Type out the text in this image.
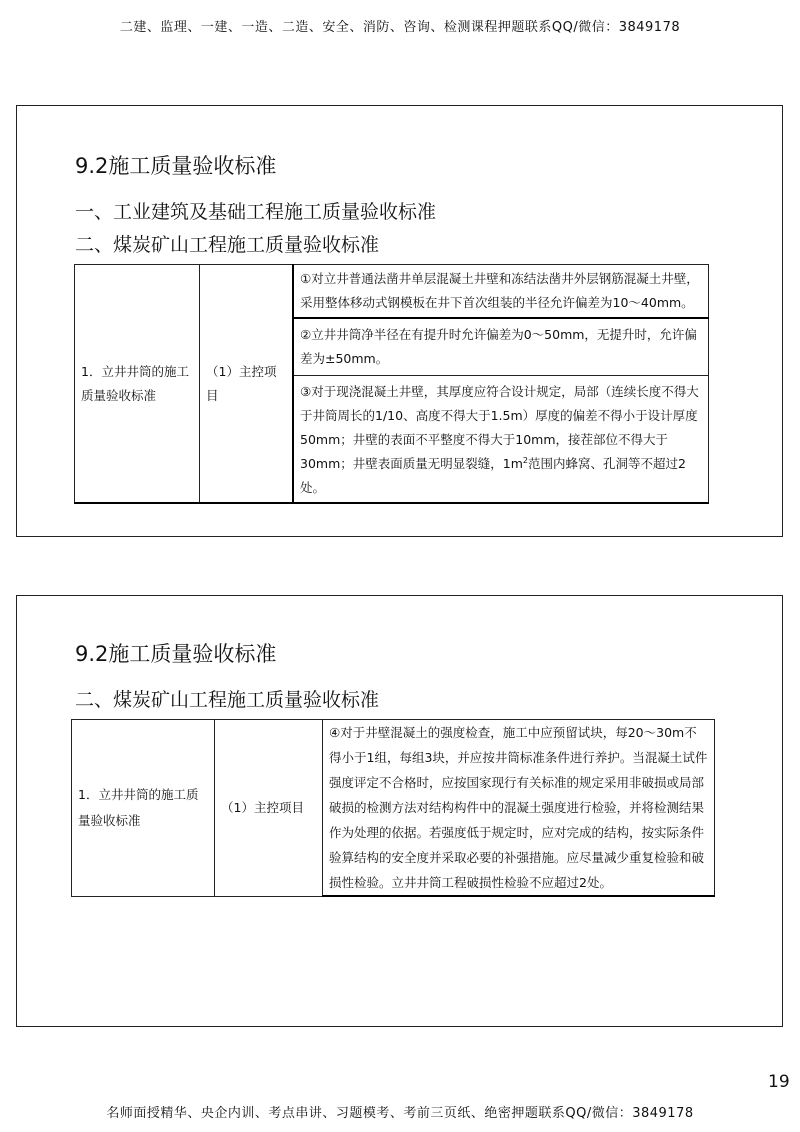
二建、监理、一建、一造、二造、安全、消防、咨询、检测课程押题联系QQ/微信：3849178
9.2施工质量验收标准
一、工业建筑及基础工程施工质量验收标准
二、煤炭矿山工程施工质量验收标准
1．立井井筒的施工质量验收标准	（1）主控项目	①对立井普通法凿井单层混凝土井壁和冻结法凿井外层钢筋混凝土井壁，采用整体移动式钢模板在井下首次组装的半径允许偏差为10～40mm。
②立井井筒净半径在有提升时允许偏差为0～50mm，无提升时，允许偏差为±50mm。
③对于现浇混凝土井壁，其厚度应符合设计规定，局部（连续长度不得大于井筒周长的1/10、高度不得大于1.5m）厚度的偏差不得小于设计厚度50mm；井壁的表面不平整度不得大于10mm，接茬部位不得大于30mm；井壁表面质量无明显裂缝，$1m^2$范围内蜂窝、孔洞等不超过2处。
9.2施工质量验收标准
二、煤炭矿山工程施工质量验收标准
1．立井井筒的施工质量验收标准	（1）主控项目	④对于井壁混凝土的强度检查，施工中应预留试块，每20～30m不得小于1组，每组3块，并应按井筒标准条件进行养护。当混凝土试件强度评定不合格时，应按国家现行有关标准的规定采用非破损或局部破损的检测方法对结构构件中的混凝土强度进行检验，并将检测结果作为处理的依据。若强度低于规定时，应对完成的结构，按实际条件验算结构的安全度并采取必要的补强措施。应尽量减少重复检验和破损性检验。立井井筒工程破损性检验不应超过2处。
19
名师面授精华、央企内训、考点串讲、习题模考、考前三页纸、绝密押题联系QQ/微信：3849178
